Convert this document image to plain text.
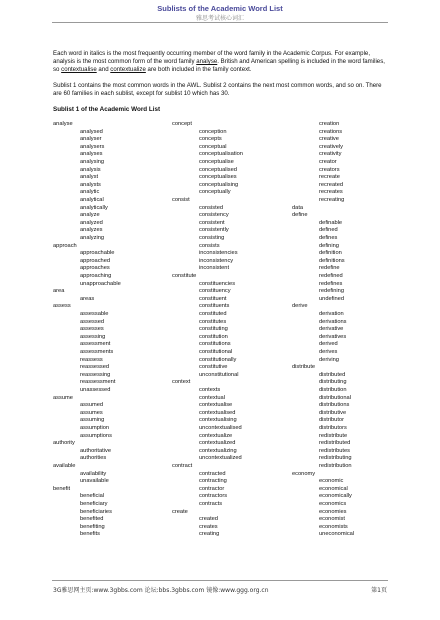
Sublists of the Academic Word List
雅思考试核心词汇
Each word in italics is the most frequently occurring member of the word family in the Academic Corpus. For example, analysis is the most common form of the word family analyse. British and American spelling is included in the word families, so contextualise and contextualize are both included in the family context.
Sublist 1 contains the most common words in the AWL. Sublist 2 contains the next most common words, and so on. There are 60 families in each sublist, except for sublist 10 which has 30.
Sublist 1 of the Academic Word List
analyse
analysed
analyser
analysers
analyses
analysing
analysis
analyst
analysts
analytic
analytical
analytically
analyze
analyzed
analyzes
analyzing
approach
approachable
approached
approaches
approaching
unapproachable
area
areas
assess
assessable
assessed
assesses
assessing
assessment
assessments
reassess
reassessed
reassessing
reassessment
unassessed
assume
assumed
assumes
assuming
assumption
assumptions
authority
authoritative
authorities
available
availability
unavailable
benefit
beneficial
beneficiary
beneficiaries
benefited
benefiting
benefits
concept
conception
concepts
conceptual
conceptualisation
conceptualise
conceptualised
conceptualises
conceptualising
conceptually
consist
consisted
consistency
consistent
consistently
consisting
consists
inconsistencies
inconsistency
inconsistent
constitute
constituencies
constituency
constituent
constituents
constituted
constitutes
constituting
constitution
constitutions
constitutional
constitutionally
constitutive
unconstitutional
context
contexts
contextual
contextualise
contextualised
contextualising
uncontextualised
contextualize
contextualized
contextualizing
uncontextualized
contract
contracted
contracting
contractor
contractors
contracts
create
created
creates
creating
creation
creations
creative
creatively
creativity
creator
creators
recreate
recreated
recreates
recreating
data
define
definable
defined
defines
defining
definition
definitions
redefine
redefined
redefines
redefining
undefined
derive
derivation
derivations
derivative
derivatives
derived
derives
deriving
distribute
distributed
distributing
distribution
distributional
distributions
distributive
distributor
distributors
redistribute
redistributed
redistributes
redistributing
redistribution
economy
economic
economical
economically
economics
economies
economist
economists
uneconomical
3G雅思网主页:www.3gbbs.com 论坛:bbs.3gbbs.com 镜像:www.ggg.org.cn	第1页
